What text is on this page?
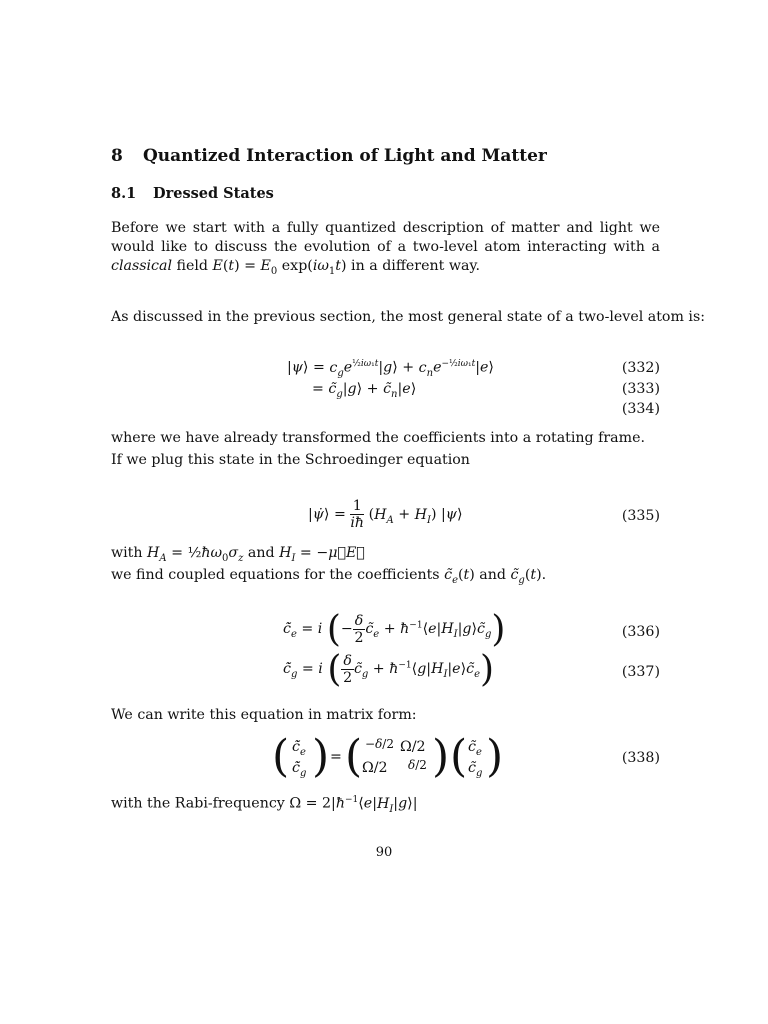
8 Quantized Interaction of Light and Matter
8.1 Dressed States
Before we start with a fully quantized description of matter and light we would like to discuss the evolution of a two-level atom interacting with a classical field $E(t) = E_0$ $\exp(i\omega_1t)$ in a different way.
As discussed in the previous section, the most general state of a two-level atom is:
|ψ⟩ = $c_ge^{\frac{1}{2}i\omega_1t}|g⟩$ + $c_ne^{-\frac{1}{2}i\omega_1t}|e⟩$	(332)
= $c̃_g|g⟩$ + $c̃_n|e⟩$	(333)
(334)
where we have already transformed the coefficients into a rotating frame.
If we plug this state in the Schroedinger equation
|ψ̇⟩ = $\frac{1}{iħ} (H_A + H_I)$ |ψ⟩	(335)
with $H_A$ = $\frac{1}{2}ħ\omega_0\sigma_z$ and $H_I$ = −μ⃗E⃗
we find coupled equations for the coefficients $c̃_e(t)$ and $c̃_g(t)$.
$c̃̇_e = i$ (− $\frac{\delta}{2}$ $c̃_e$ + $ħ^{-1}⟨e|H_I|g⟩c̃_g$)	(336)
$c̃̇_g = i$ ( $\frac{\delta}{2}$ $c̃_g$ + $ħ^{-1}⟨g|H_I|e⟩c̃_e$)	(337)
We can write this equation in matrix form:
( $c̃̇_e$
$c̃̇_g$ ) = ( −δ/2 Ω/2
Ω/2 δ/2 ) ( $c̃_e$
$c̃_g$ )	(338)
with the Rabi-frequency $\Omega = 2|ħ^{-1}⟨e|H_I|g⟩|$
90
